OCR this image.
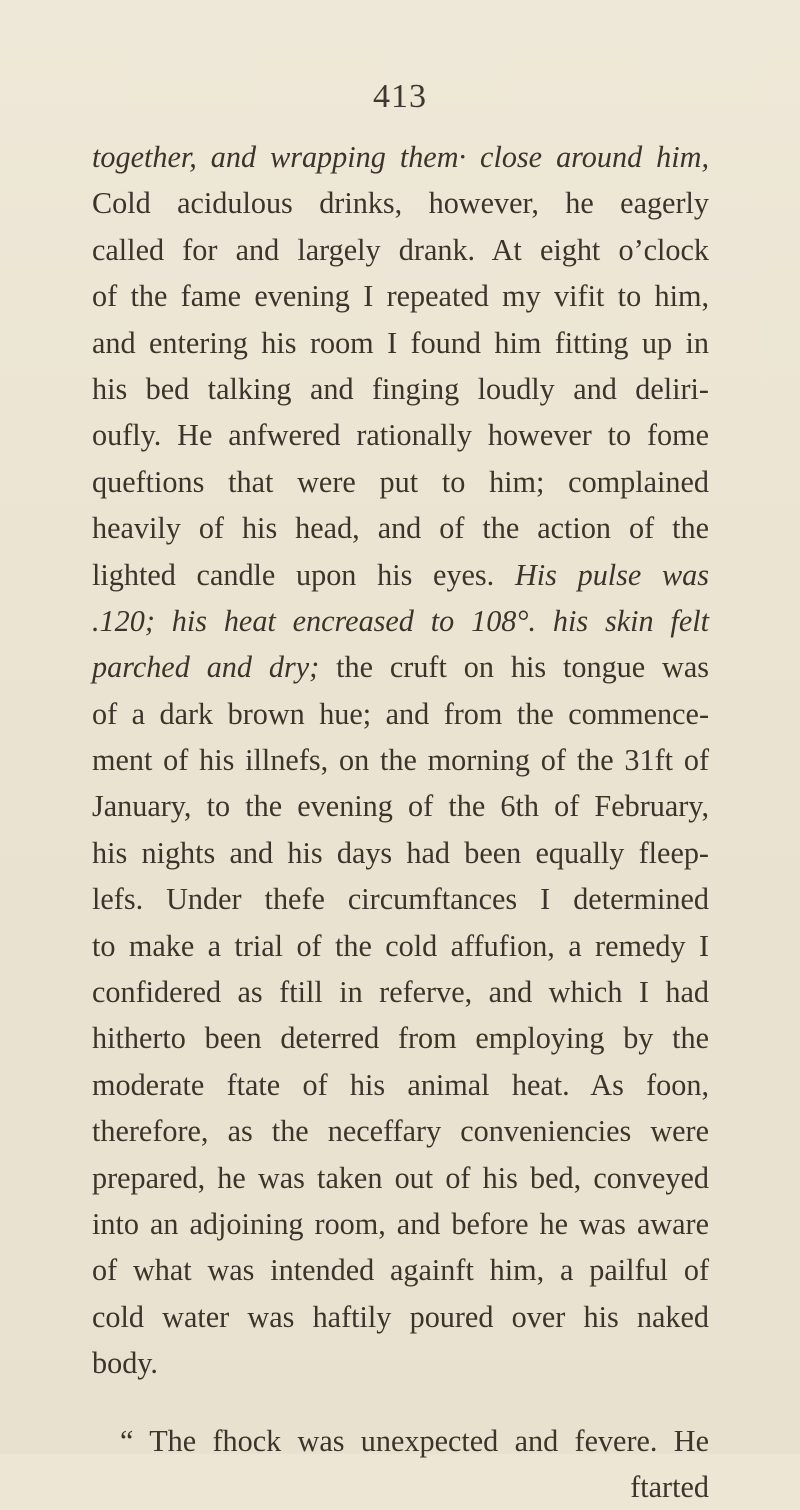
413
together, and wrapping them· close around him,
Cold acidulous drinks, however, he eagerly
called for and largely drank. At eight o’clock
of the fame evening I repeated my vifit to him,
and entering his room I found him fitting up in
his bed talking and finging loudly and deliri-
oufly. He anfwered rationally however to fome
queftions that were put to him; complained
heavily of his head, and of the action of the
lighted candle upon his eyes. His pulse was
.120; his heat encreased to 108°. his skin felt
parched and dry; the cruft on his tongue was
of a dark brown hue; and from the commence-
ment of his illnefs, on the morning of the 31ft of
January, to the evening of the 6th of February,
his nights and his days had been equally fleep-
lefs. Under thefe circumftances I determined
to make a trial of the cold affufion, a remedy I
confidered as ftill in referve, and which I had
hitherto been deterred from employing by the
moderate ftate of his animal heat. As foon,
therefore, as the neceffary conveniencies were
prepared, he was taken out of his bed, conveyed
into an adjoining room, and before he was aware
of what was intended againft him, a pailful of
cold water was haftily poured over his naked
body.
“ The fhock was unexpected and fevere. He
ftarted
